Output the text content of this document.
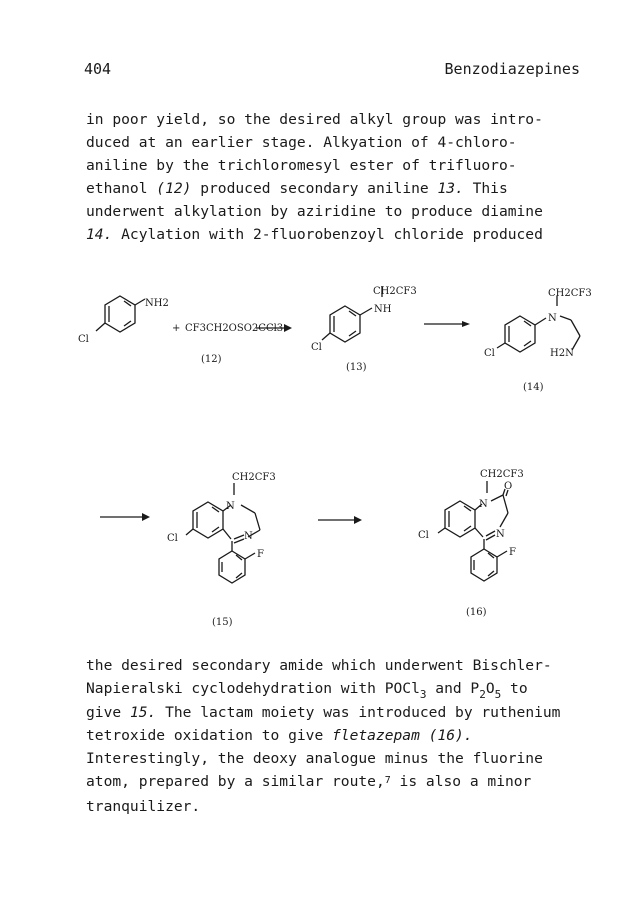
404	Benzodiazepines
in poor yield, so the desired alkyl group was intro-
duced at an earlier stage. Alkyation of 4-chloro-
aniline by the trichloromesyl ester of trifluoro-
ethanol (12) produced secondary aniline 13. This
underwent alkylation by aziridine to produce diamine
14. Acylation with 2-fluorobenzoyl chloride produced
NH2
Cl
+ CF3CH2OSO2CCl3
(12)
CH2CF3
NH
Cl
(13)
CH2CF3
N
H2N
Cl
(14)
CH2CF3
N
N
Cl
F
(15)
CH2CF3
O
N
N
Cl
F
(16)
the desired secondary amide which underwent Bischler-
Napieralski cyclodehydration with POCl$_3$ and $P_2O_5$ to
give 15. The lactam moiety was introduced by ruthenium
tetroxide oxidation to give fletazepam (16).
Interestingly, the deoxy analogue minus the fluorine
atom, prepared by a similar route,$^7$ is also a minor
tranquilizer.
